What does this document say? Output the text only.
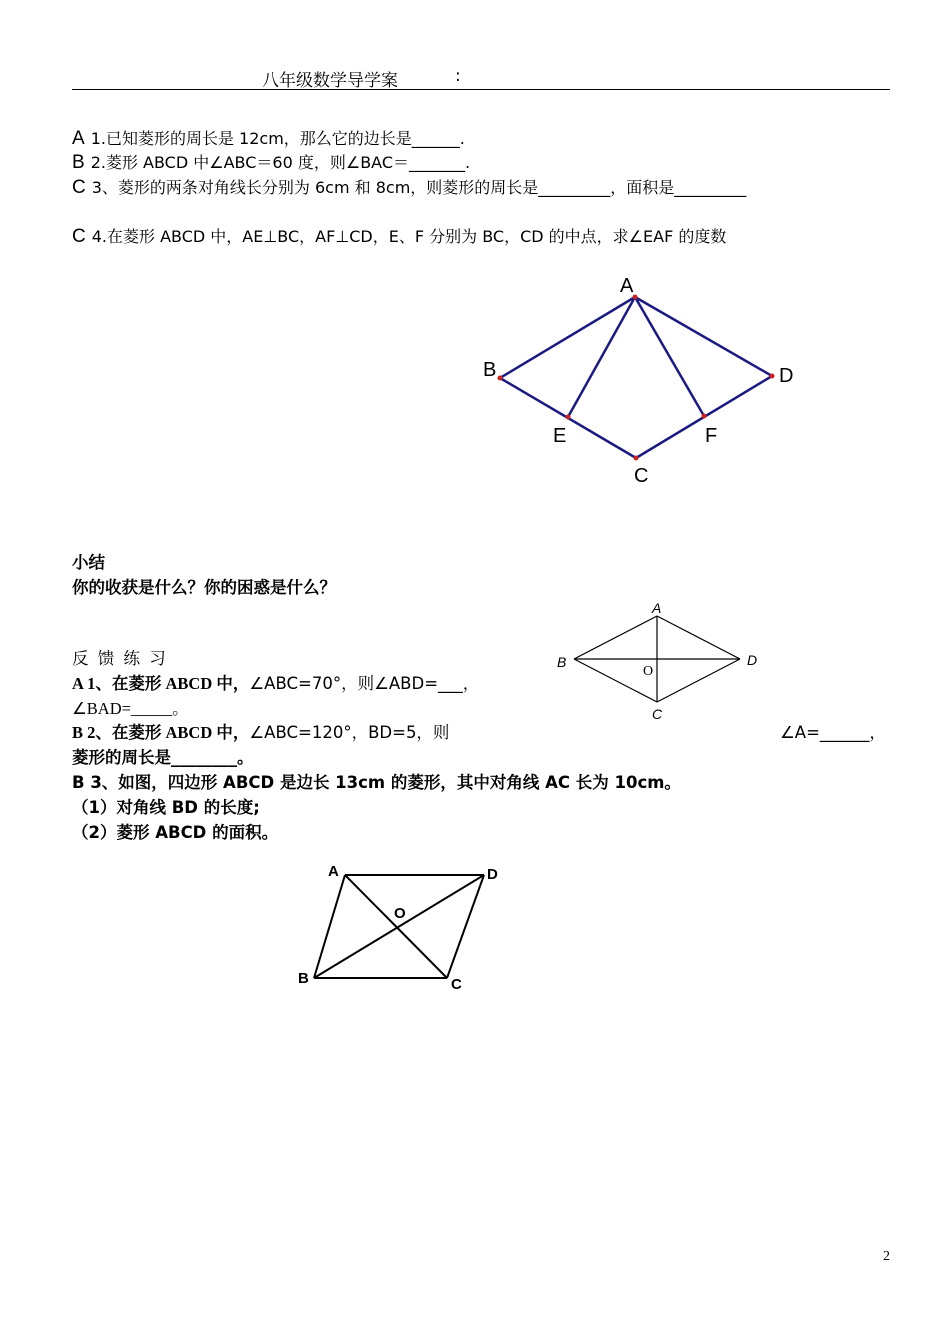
八年级数学导学案	:
A 1.已知菱形的周长是 12cm，那么它的边长是______.
B 2.菱形 ABCD 中∠ABC＝60 度，则∠BAC＝_______.
C 3、菱形的两条对角线长分别为 6cm 和 8cm，则菱形的周长是_________，面积是_________
C 4.在菱形 ABCD 中，AE⊥BC，AF⊥CD，E、F 分别为 BC，CD 的中点，求∠EAF 的度数
A
B	D
E	F
C
小结
你的收获是什么？你的困惑是什么？
A
B	D
C
O
反 馈 练 习
A 1、在菱形 ABCD 中，∠ABC=70°，则∠ABD=___，
∠BAD=_____。
B 2、在菱形 ABCD 中，∠ABC=120°，BD=5，则	∠A=______，
菱形的周长是________。
B 3、如图，四边形 ABCD 是边长 13cm 的菱形，其中对角线 AC 长为 10cm。
（1）对角线 BD 的长度;
（2）菱形 ABCD 的面积。
A	D
O
B	C
2
